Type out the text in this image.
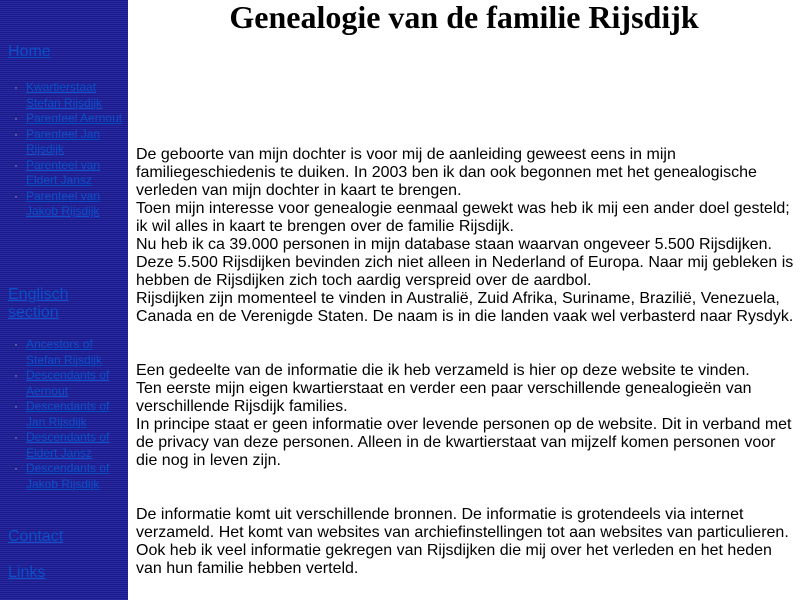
Home
· Kwartierstaat Stefan Rijsdijk
· Parenteel Aernout
· Parenteel Jan Rijsdijk
· Parenteel van Eldert Jansz
· Parenteel van Jakob Rijsdijk
Englisch section
· Ancestors of Stefan Rijsdijk
· Descendants of Aernout
· Descendants of Jan Rijsdijk
· Descendants of Eldert Jansz
· Descendants of Jakob Rijsdijk
Contact
Links
Genealogie van de familie Rijsdijk
De geboorte van mijn dochter is voor mij de aanleiding geweest eens in mijn familiegeschiedenis te duiken. In 2003 ben ik dan ook begonnen met het genealogische verleden van mijn dochter in kaart te brengen.
Toen mijn interesse voor genealogie eenmaal gewekt was heb ik mij een ander doel gesteld; ik wil alles in kaart te brengen over de familie Rijsdijk.
Nu heb ik ca 39.000 personen in mijn database staan waarvan ongeveer 5.500 Rijsdijken. Deze 5.500 Rijsdijken bevinden zich niet alleen in Nederland of Europa. Naar mij gebleken is hebben de Rijsdijken zich toch aardig verspreid over de aardbol.
Rijsdijken zijn momenteel te vinden in Australië, Zuid Afrika, Suriname, Brazilië, Venezuela, Canada en de Verenigde Staten. De naam is in die landen vaak wel verbasterd naar Rysdyk.
Een gedeelte van de informatie die ik heb verzameld is hier op deze website te vinden.
Ten eerste mijn eigen kwartierstaat en verder een paar verschillende genealogieën van verschillende Rijsdijk families.
In principe staat er geen informatie over levende personen op de website. Dit in verband met de privacy van deze personen. Alleen in de kwartierstaat van mijzelf komen personen voor die nog in leven zijn.
De informatie komt uit verschillende bronnen. De informatie is grotendeels via internet verzameld. Het komt van websites van archiefinstellingen tot aan websites van particulieren.
Ook heb ik veel informatie gekregen van Rijsdijken die mij over het verleden en het heden van hun familie hebben verteld.
